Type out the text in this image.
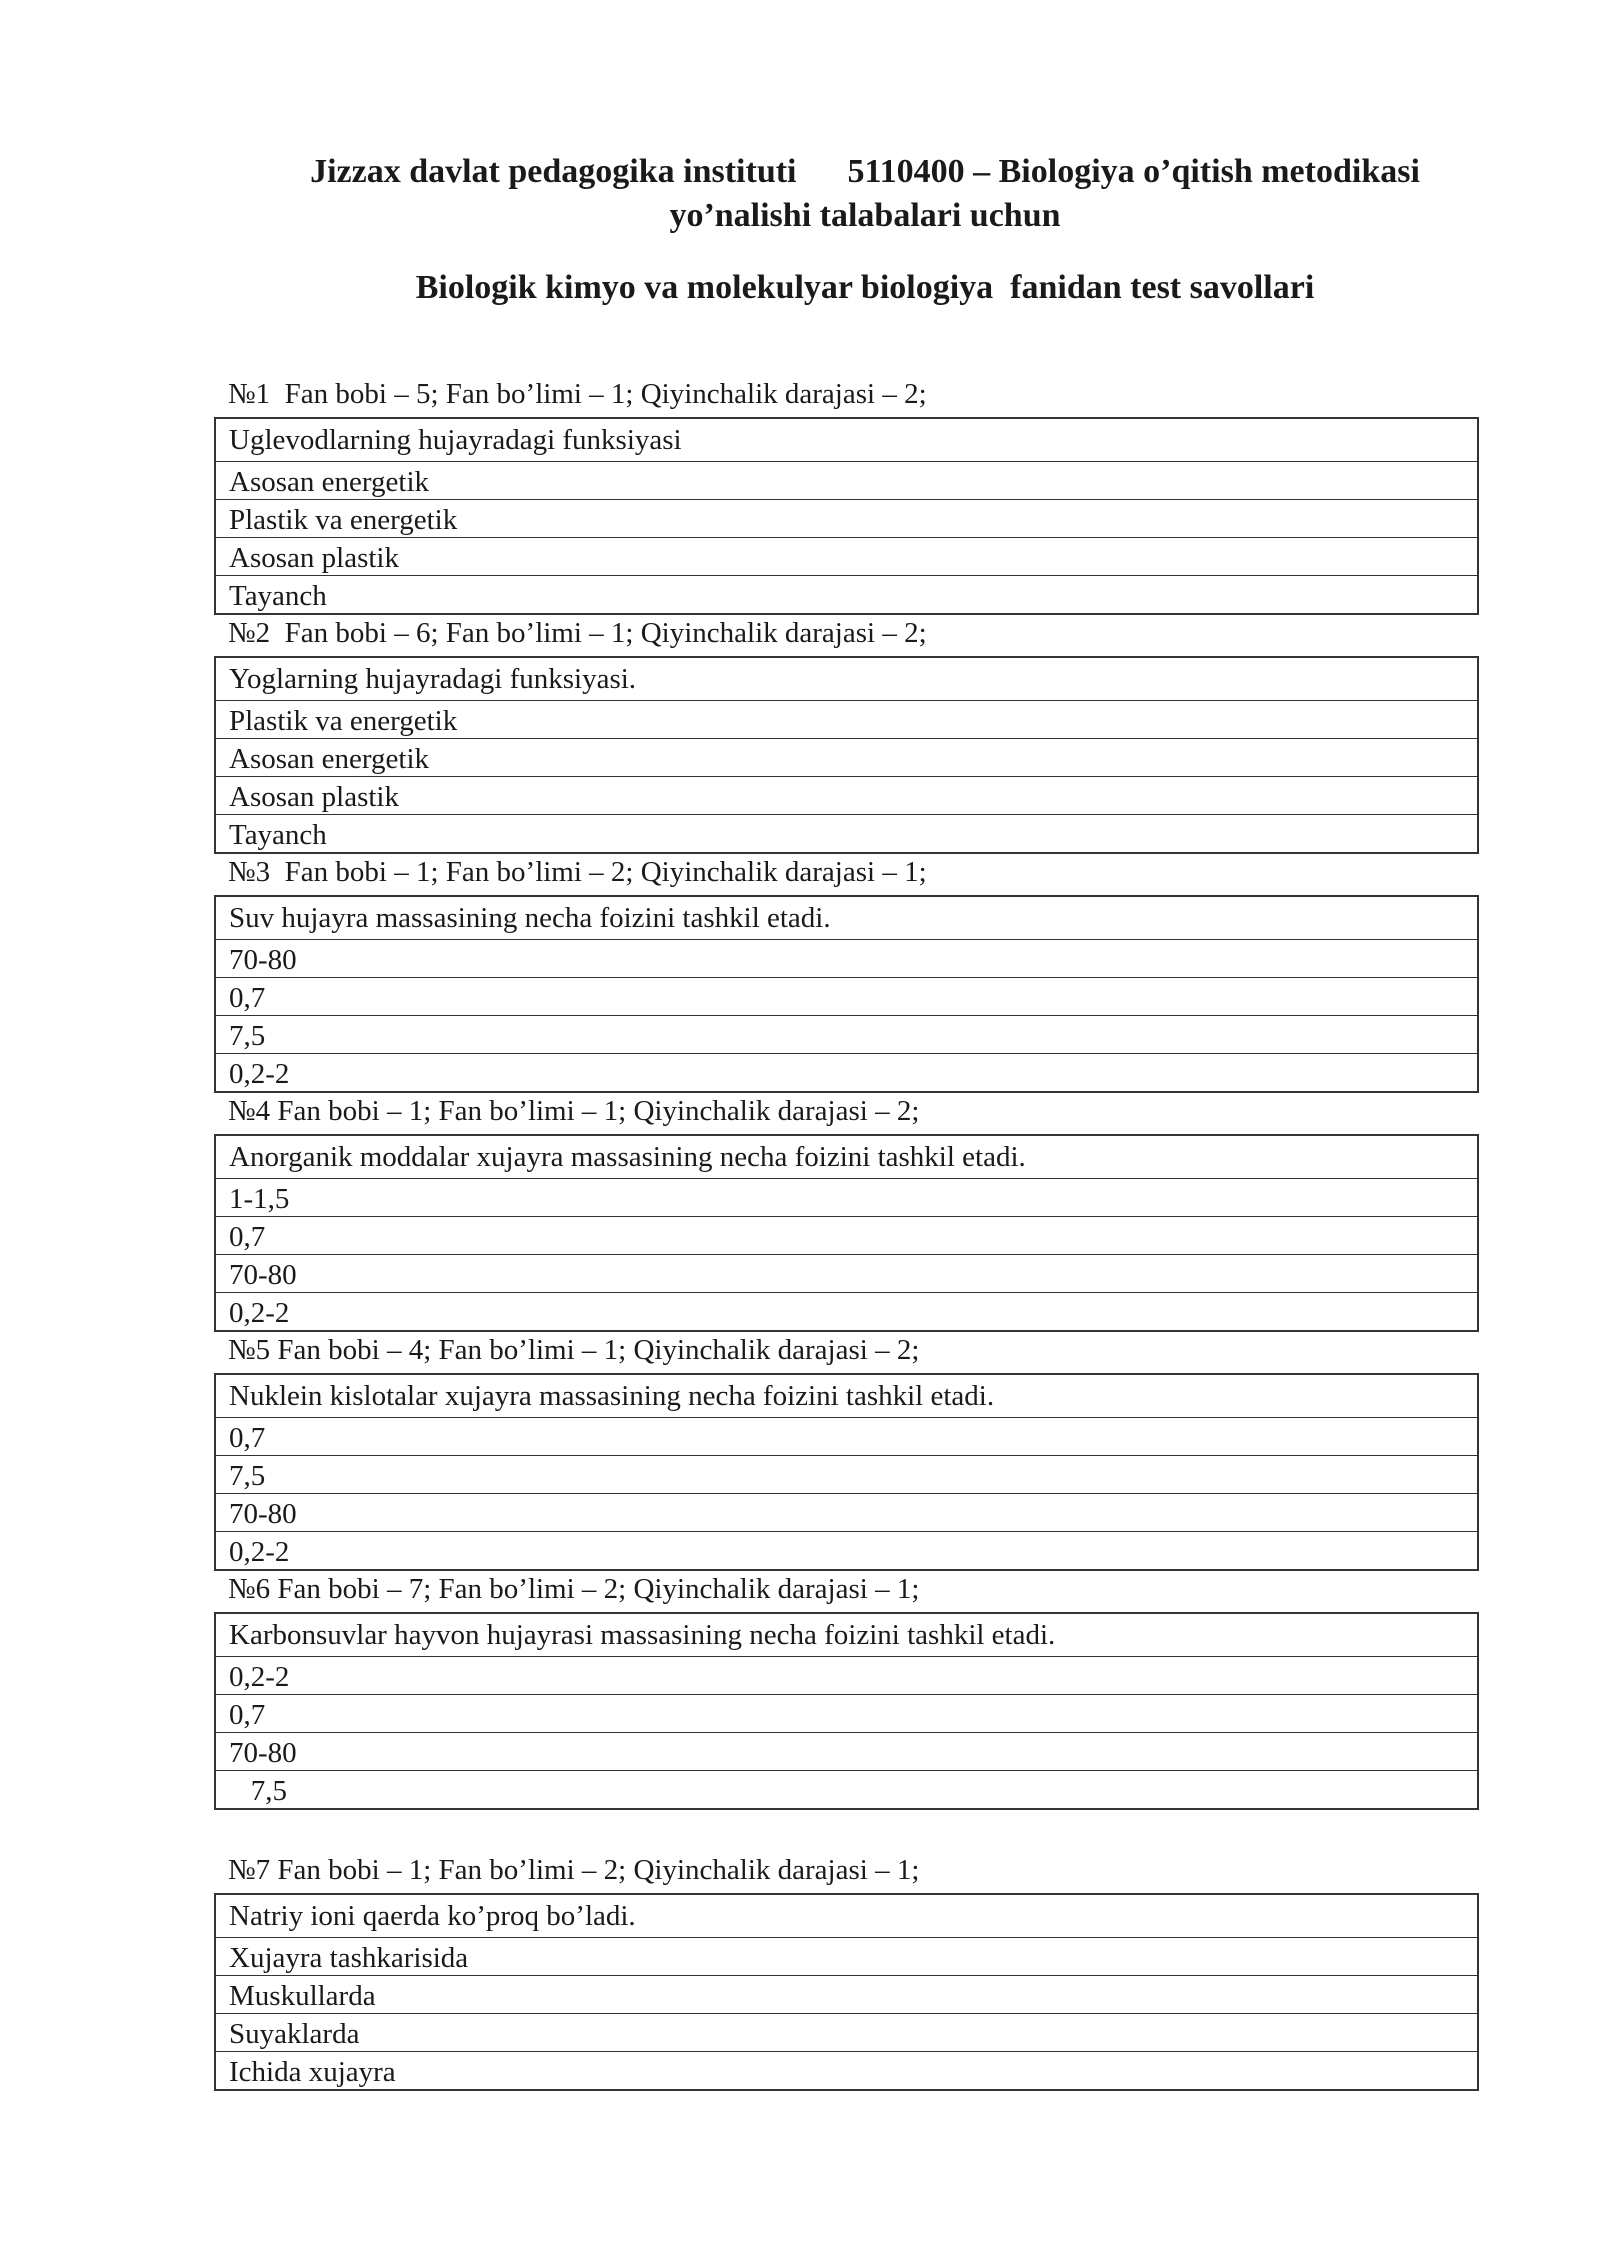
Jizzax davlat pedagogika instituti      5110400 – Biologiya o’qitish metodikasi
yo’nalishi talabalari uchun
Biologik kimyo va molekulyar biologiya  fanidan test savollari
№1  Fan bobi – 5; Fan bo’limi – 1; Qiyinchalik darajasi – 2;
Uglevodlarning hujayradagi funksiyasi
Asosan energetik
Plastik va energetik
Asosan plastik
Tayanch
№2  Fan bobi – 6; Fan bo’limi – 1; Qiyinchalik darajasi – 2;
Yoglarning hujayradagi funksiyasi.
Plastik va energetik
Asosan energetik
Asosan plastik
Tayanch
№3  Fan bobi – 1; Fan bo’limi – 2; Qiyinchalik darajasi – 1;
Suv hujayra massasining necha foizini tashkil etadi.
70-80
0,7
7,5
0,2-2
№4 Fan bobi – 1; Fan bo’limi – 1; Qiyinchalik darajasi – 2;
Anorganik moddalar xujayra massasining necha foizini tashkil etadi.
1-1,5
0,7
70-80
0,2-2
№5 Fan bobi – 4; Fan bo’limi – 1; Qiyinchalik darajasi – 2;
Nuklein kislotalar xujayra massasining necha foizini tashkil etadi.
0,7
7,5
70-80
0,2-2
№6 Fan bobi – 7; Fan bo’limi – 2; Qiyinchalik darajasi – 1;
Karbonsuvlar hayvon hujayrasi massasining necha foizini tashkil etadi.
0,2-2
0,7
70-80
7,5
№7 Fan bobi – 1; Fan bo’limi – 2; Qiyinchalik darajasi – 1;
Natriy ioni qaerda ko’proq bo’ladi.
Xujayra tashkarisida
Muskullarda
Suyaklarda
Ichida xujayra
